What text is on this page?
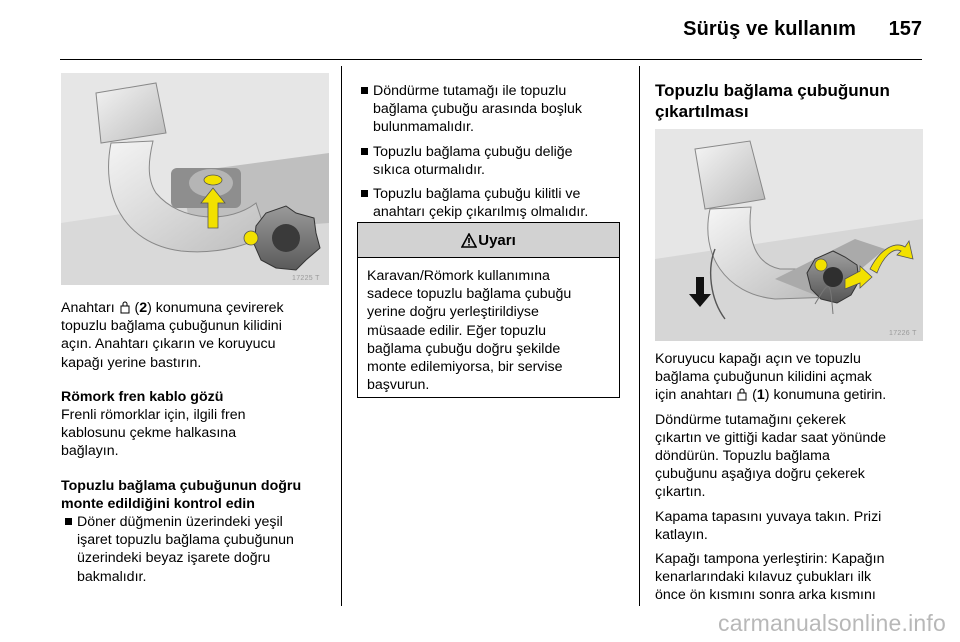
Sürüş ve kullanım	157
17225 T

Anahtarı  (2) konumuna çevirerek
topuzlu bağlama çubuğunun kilidini
açın. Anahtarı çıkarın ve koruyucu
kapağı yerine bastırın.

Römork fren kablo gözü

Frenli römorklar için, ilgili fren
kablosunu çekme halkasına
bağlayın.

Topuzlu bağlama çubuğunun doğru
monte edildiğini kontrol edin
Döner düğmenin üzerindeki yeşil
işaret topuzlu bağlama çubuğunun
üzerindeki beyaz işarete doğru
bakmalıdır.
Döndürme tutamağı ile topuzlu
bağlama çubuğu arasında boşluk
bulunmamalıdır.
Topuzlu bağlama çubuğu deliğe
sıkıca oturmalıdır.
Topuzlu bağlama çubuğu kilitli ve
anahtarı çekip çıkarılmış olmalıdır.
Uyarı
Karavan/Römork kullanımına
sadece topuzlu bağlama çubuğu
yerine doğru yerleştirildiyse
müsaade edilir. Eğer topuzlu
bağlama çubuğu doğru şekilde
monte edilemiyorsa, bir servise
başvurun.
Topuzlu bağlama çubuğunun
çıkartılması
17226 T

Koruyucu kapağı açın ve topuzlu
bağlama çubuğunun kilidini açmak
için anahtarı  (1) konumuna getirin.

Döndürme tutamağını çekerek
çıkartın ve gittiği kadar saat yönünde
döndürün. Topuzlu bağlama
çubuğunu aşağıya doğru çekerek
çıkartın.

Kapama tapasını yuvaya takın. Prizi
katlayın.

Kapağı tampona yerleştirin: Kapağın
kenarlarındaki kılavuz çubukları ilk
önce ön kısmını sonra arka kısmını

carmanualsonline.info
